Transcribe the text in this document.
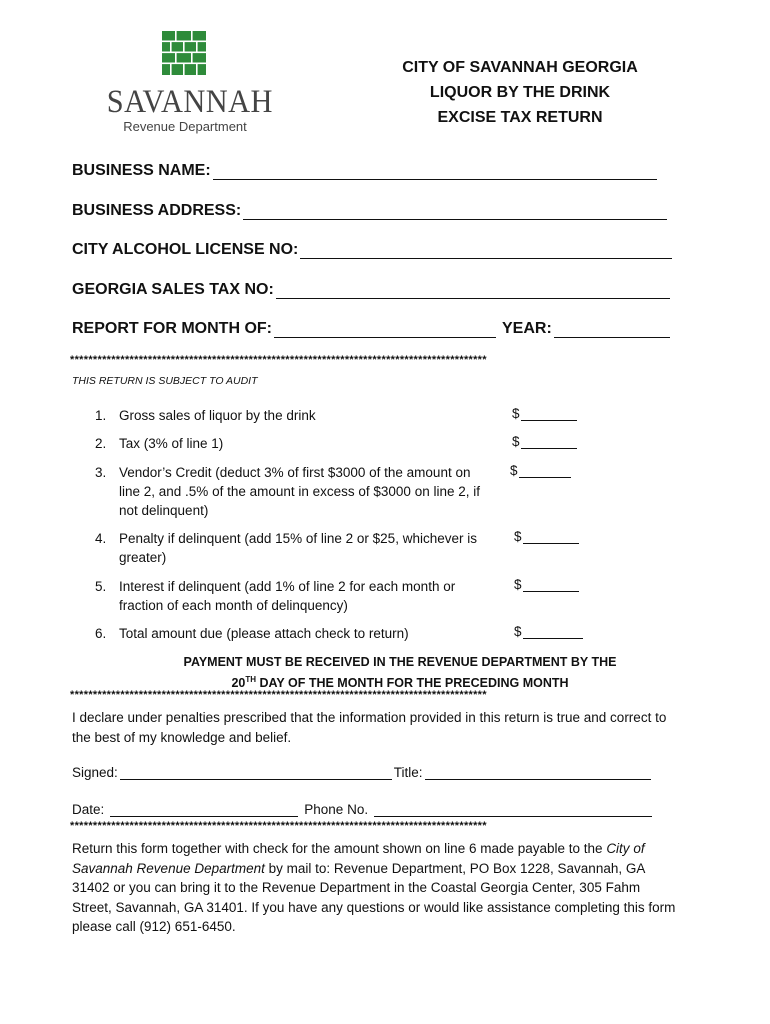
SAVANNAH
Revenue Department
CITY OF SAVANNAH GEORGIA
LIQUOR BY THE DRINK
EXCISE TAX RETURN
BUSINESS NAME:
BUSINESS ADDRESS:
CITY ALCOHOL LICENSE NO:
GEORGIA SALES TAX NO:
REPORT FOR MONTH OF:	YEAR:
*******************************************************************************************
THIS RETURN IS SUBJECT TO AUDIT
1. Gross sales of liquor by the drink	$
2. Tax (3% of line 1)	$
3. Vendor’s Credit (deduct 3% of first $3000 of the amount on line 2, and .5% of the amount in excess of $3000 on line 2, if not delinquent)
$
4. Penalty if delinquent (add 15% of line 2 or $25, whichever is greater)
$
5. Interest if delinquent (add 1% of line 2 for each month or fraction of each month of delinquency)
$
6. Total amount due (please attach check to return)	$
PAYMENT MUST BE RECEIVED IN THE REVENUE DEPARTMENT BY THE
20TH DAY OF THE MONTH FOR THE PRECEDING MONTH
*******************************************************************************************
I declare under penalties prescribed that the information provided in this return is true and correct to the best of my knowledge and belief.
Signed:	Title:
Date:	Phone No.
*******************************************************************************************
Return this form together with check for the amount shown on line 6 made payable to the City of Savannah Revenue Department by mail to: Revenue Department, PO Box 1228, Savannah, GA 31402 or you can bring it to the Revenue Department in the Coastal Georgia Center, 305 Fahm Street, Savannah, GA 31401. If you have any questions or would like assistance completing this form please call (912) 651-6450.
